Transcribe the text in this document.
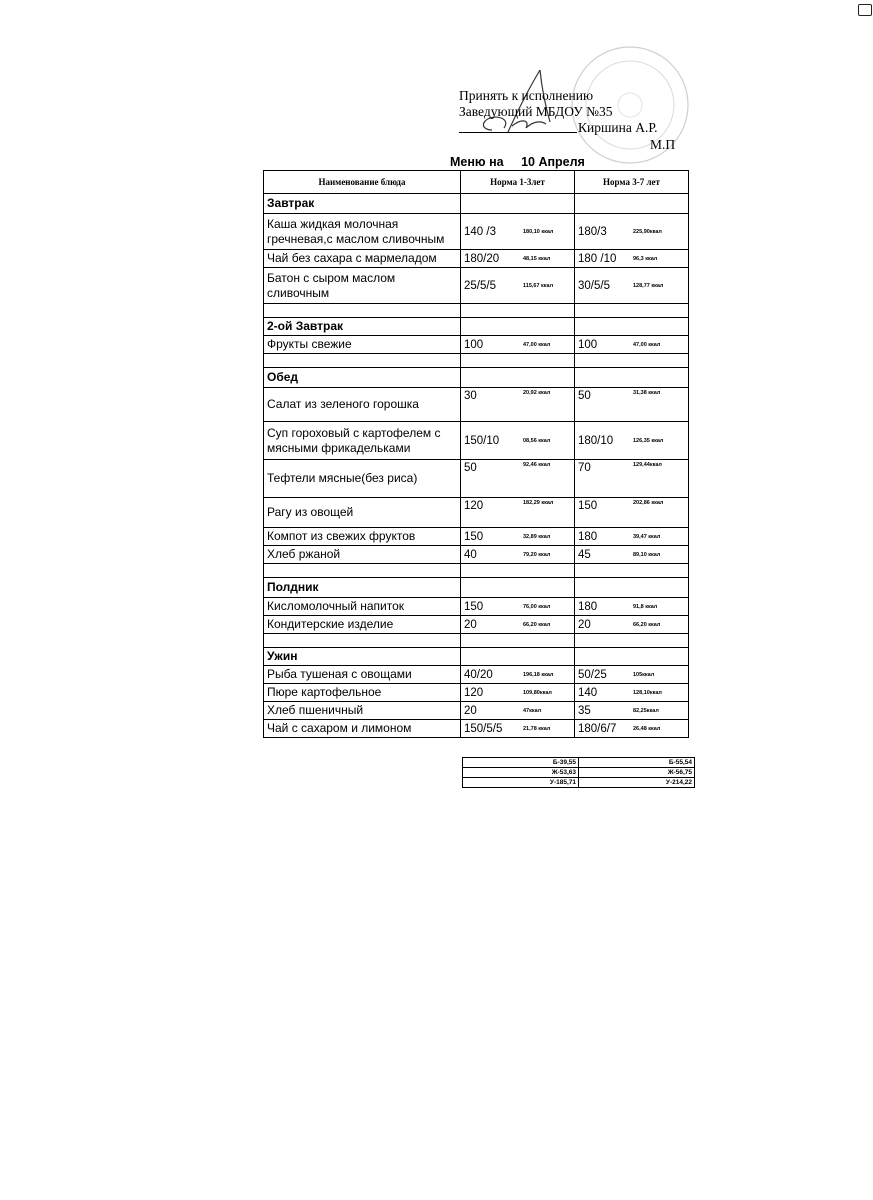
Принять к исполнению
Заведующий МБДОУ №35
Киршина А.Р.
М.П
Меню на 10 Апреля
Наименование блюда	Норма 1-3лет	Норма 3-7 лет
Завтрак		
Каша жидкая молочная гречневая,с маслом сливочным	140 /3 180,10 ккал	180/3 225,90ккал

Чай без сахара с мармеладом	180/20 48,15 ккал	180 /10 96,3 ккал

Батон с сыром маслом сливочным	25/5/5 115,67 ккал	30/5/5 128,77 ккал

2-ой Завтрак		
Фрукты свежие	100 47,00 ккал	100 47,00 ккал

Обед		
Салат из зеленого горошка	30 20,92 ккал	50 31,38 ккал

Суп гороховый с картофелем с мясными фрикадельками	150/10 08,56 ккал	180/10 126,35 ккал

Тефтели мясные(без риса)	50 92,46 ккал	70 129,44ккал

Рагу из овощей	120 182,29 ккал	150 202,86 ккал

Компот из свежих фруктов	150 32,89 ккал	180 39,47 ккал

Хлеб ржаной	40 79,20 ккал	45 89,10 ккал

Полдник		
Кисломолочный напиток	150 76,00 ккал	180 91,8 ккал

Кондитерские изделие	20 66,20 ккал	20 66,20 ккал

Ужин		
Рыба тушеная с овощами	40/20 196,18 ккал	50/25 105ккал

Пюре картофельное	120 109,80ккал	140 128,10ккал

Хлеб пшеничный	20 47ккал	35 82,25ккал

Чай с сахаром и лимоном	150/5/5 21,78 ккал	180/6/7 26,48 ккал
Б-39,55	Б-55,54
Ж-53,63	Ж-56,75
У-185,71	У-214,22
